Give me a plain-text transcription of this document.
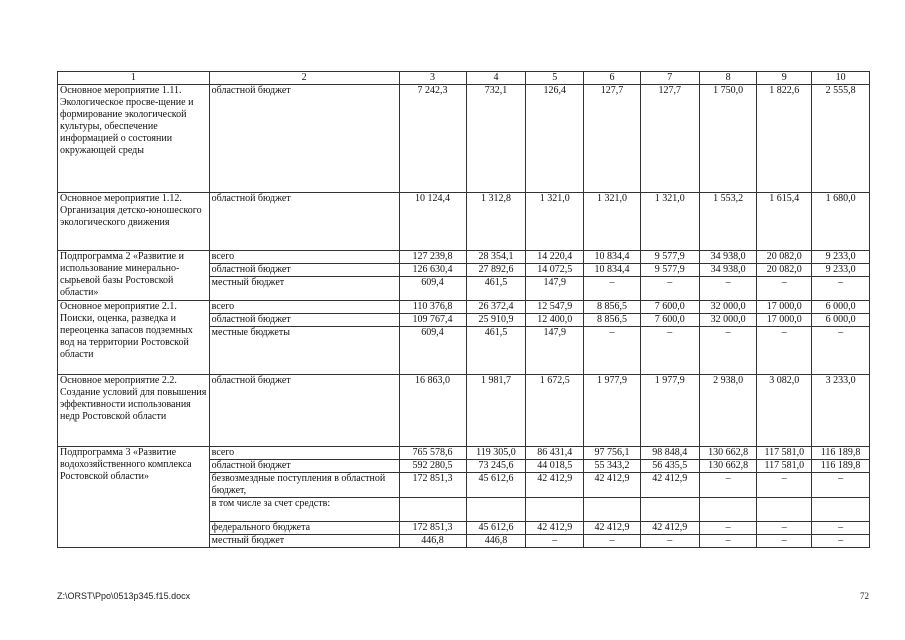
1	2	3	4	5	6	7	8	9	10
Основное мероприятие 1.11. Экологическое просве-щение и формирование экологической культуры, обеспечение информацией о состоянии окружающей среды	областной бюджет	7 242,3	732,1	126,4	127,7	127,7	1 750,0	1 822,6	2 555,8
Основное мероприятие 1.12. Организация детско-юношеского экологического движения	областной бюджет	10 124,4	1 312,8	1 321,0	1 321,0	1 321,0	1 553,2	1 615,4	1 680,0
Подпрограмма 2 «Развитие и использование минерально-сырьевой базы Ростовской области»	всего	127 239,8	28 354,1	14 220,4	10 834,4	9 577,9	34 938,0	20 082,0	9 233,0
	областной бюджет	126 630,4	27 892,6	14 072,5	10 834,4	9 577,9	34 938,0	20 082,0	9 233,0
	местный бюджет	609,4	461,5	147,9	–	–	–	–	–
Основное мероприятие 2.1. Поиски, оценка, разведка и переоценка запасов подземных вод на территории Ростовской области	всего	110 376,8	26 372,4	12 547,9	8 856,5	7 600,0	32 000,0	17 000,0	6 000,0
	областной бюджет	109 767,4	25 910,9	12 400,0	8 856,5	7 600,0	32 000,0	17 000,0	6 000,0
	местные бюджеты	609,4	461,5	147,9	–	–	–	–	–
Основное мероприятие 2.2. Создание условий для повышения эффективности использования недр Ростовской области	областной бюджет	16 863,0	1 981,7	1 672,5	1 977,9	1 977,9	2 938,0	3 082,0	3 233,0
Подпрограмма 3 «Развитие водохозяйственного комплекса Ростовской области»	всего	765 578,6	119 305,0	86 431,4	97 756,1	98 848,4	130 662,8	117 581,0	116 189,8
	областной бюджет	592 280,5	73 245,6	44 018,5	55 343,2	56 435,5	130 662,8	117 581,0	116 189,8
	безвозмездные поступления в областной бюджет,	172 851,3	45 612,6	42 412,9	42 412,9	42 412,9	–	–	–
	в том числе за счет средств:								
	федерального бюджета	172 851,3	45 612,6	42 412,9	42 412,9	42 412,9	–	–	–
	местный бюджет	446,8	446,8	–	–	–	–	–	–
Z:\ORST\Ppo\0513p345.f15.docx	72
